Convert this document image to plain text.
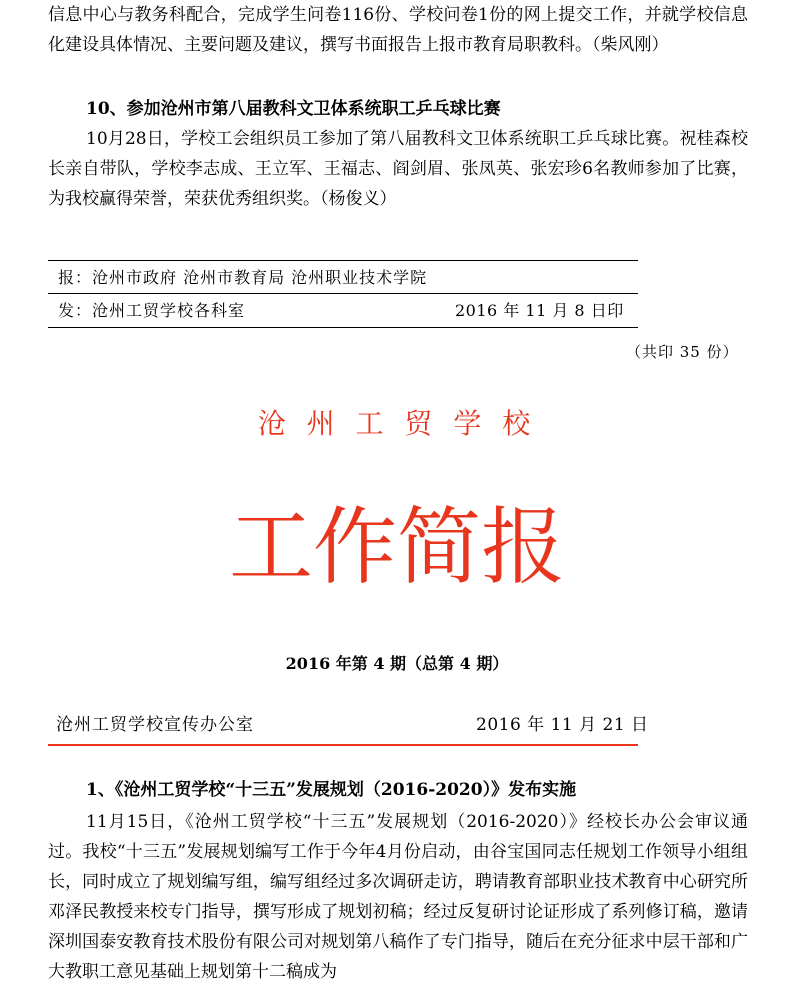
信息中心与教务科配合，完成学生问卷116份、学校问卷1份的网上提交工作，并就学校信息化建设具体情况、主要问题及建议，撰写书面报告上报市教育局职教科。（柴风刚）
10、参加沧州市第八届教科文卫体系统职工乒乓球比赛
10月28日，学校工会组织员工参加了第八届教科文卫体系统职工乒乓球比赛。祝桂森校长亲自带队，学校李志成、王立军、王福志、阎剑眉、张凤英、张宏珍6名教师参加了比赛，为我校赢得荣誉，荣获优秀组织奖。（杨俊义）
报：沧州市政府 沧州市教育局 沧州职业技术学院
发：沧州工贸学校各科室	2016 年 11 月 8 日印
（共印 35 份）
沧 州 工 贸 学 校
工作简报
2016 年第 4 期（总第 4 期）
沧州工贸学校宣传办公室	2016 年 11 月 21 日
1、《沧州工贸学校“十三五”发展规划（2016-2020）》发布实施
11月15日，《沧州工贸学校“十三五”发展规划（2016-2020）》经校长办公会审议通过。我校“十三五”发展规划编写工作于今年4月份启动，由谷宝国同志任规划工作领导小组组长，同时成立了规划编写组，编写组经过多次调研走访，聘请教育部职业技术教育中心研究所邓泽民教授来校专门指导，撰写形成了规划初稿；经过反复研讨论证形成了系列修订稿，邀请深圳国泰安教育技术股份有限公司对规划第八稿作了专门指导，随后在充分征求中层干部和广大教职工意见基础上规划第十二稿成为
